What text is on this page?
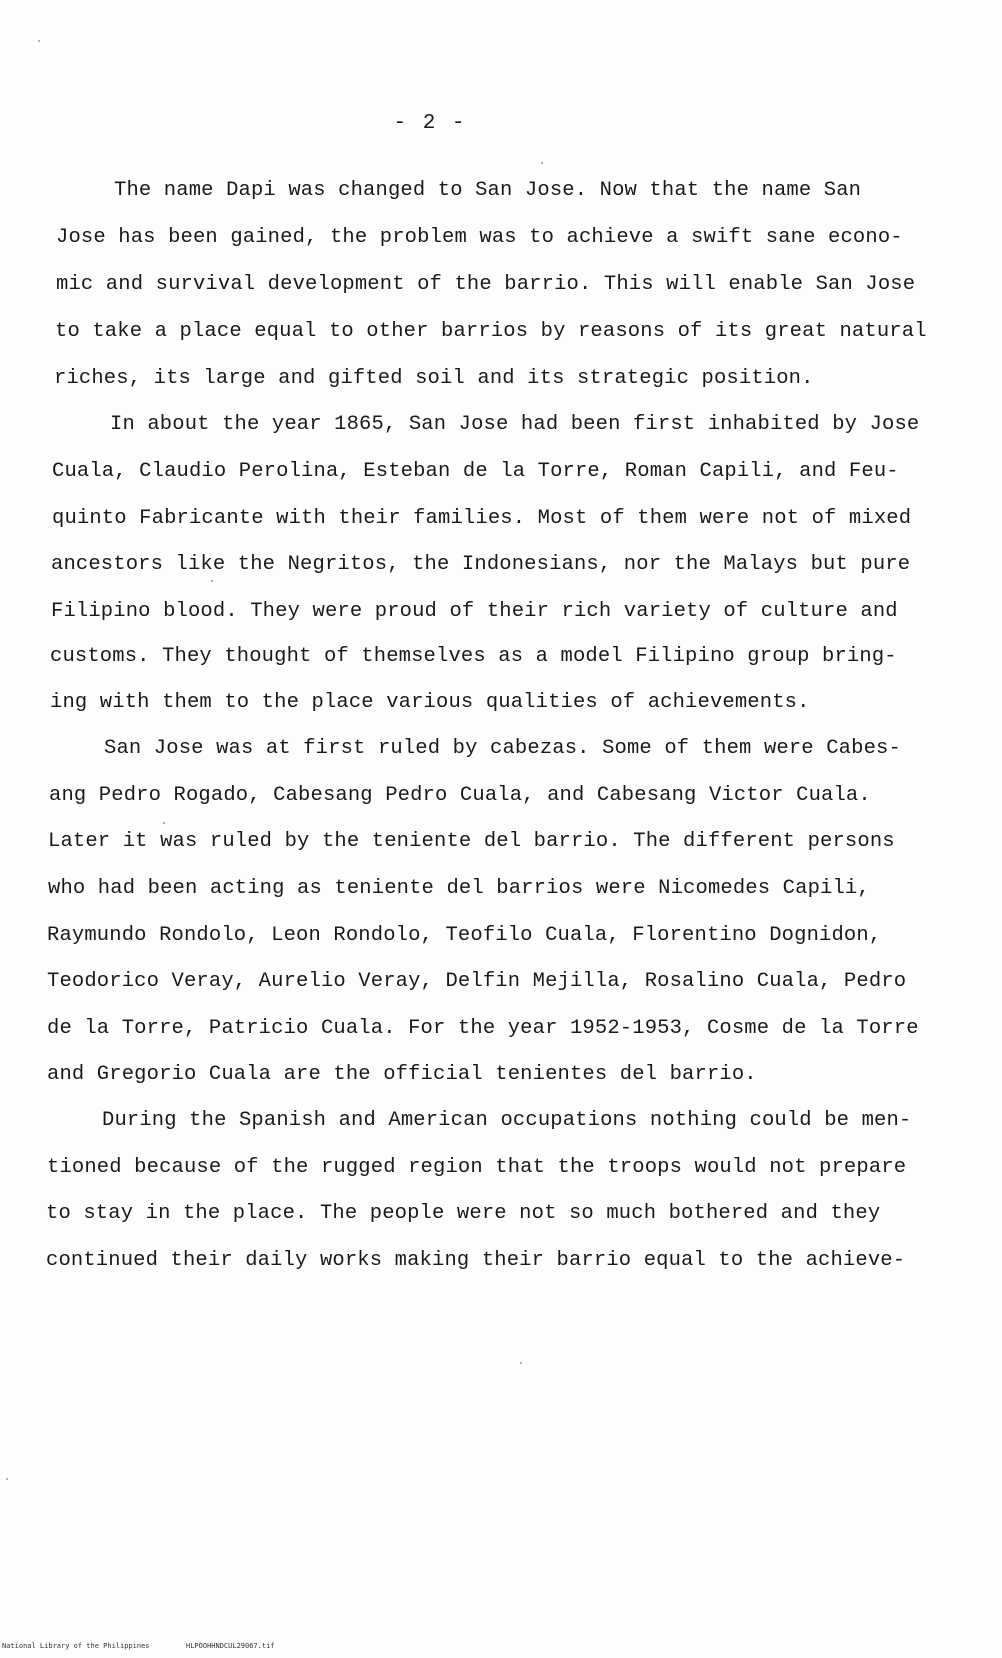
- 2 -
The name Dapi was changed to San Jose. Now that the name San
Jose has been gained, the problem was to achieve a swift sane econo-
mic and survival development of the barrio. This will enable San Jose
to take a place equal to other barrios by reasons of its great natural
riches, its large and gifted soil and its strategic position.
In about the year 1865, San Jose had been first inhabited by Jose
Cuala, Claudio Perolina, Esteban de la Torre, Roman Capili, and Feu-
quinto Fabricante with their families. Most of them were not of mixed
ancestors like the Negritos, the Indonesians, nor the Malays but pure
Filipino blood. They were proud of their rich variety of culture and
customs. They thought of themselves as a model Filipino group bring-
ing with them to the place various qualities of achievements.
San Jose was at first ruled by cabezas. Some of them were Cabes-
ang Pedro Rogado, Cabesang Pedro Cuala, and Cabesang Victor Cuala.
Later it was ruled by the teniente del barrio. The different persons
who had been acting as teniente del barrios were Nicomedes Capili,
Raymundo Rondolo, Leon Rondolo, Teofilo Cuala, Florentino Dognidon,
Teodorico Veray, Aurelio Veray, Delfin Mejilla, Rosalino Cuala, Pedro
de la Torre, Patricio Cuala. For the year 1952-1953, Cosme de la Torre
and Gregorio Cuala are the official tenientes del barrio.
During the Spanish and American occupations nothing could be men-
tioned because of the rugged region that the troops would not prepare
to stay in the place. The people were not so much bothered and they
continued their daily works making their barrio equal to the achieve-
National Library of the Philippines	HLPOOHHNDCUL29067.tif
